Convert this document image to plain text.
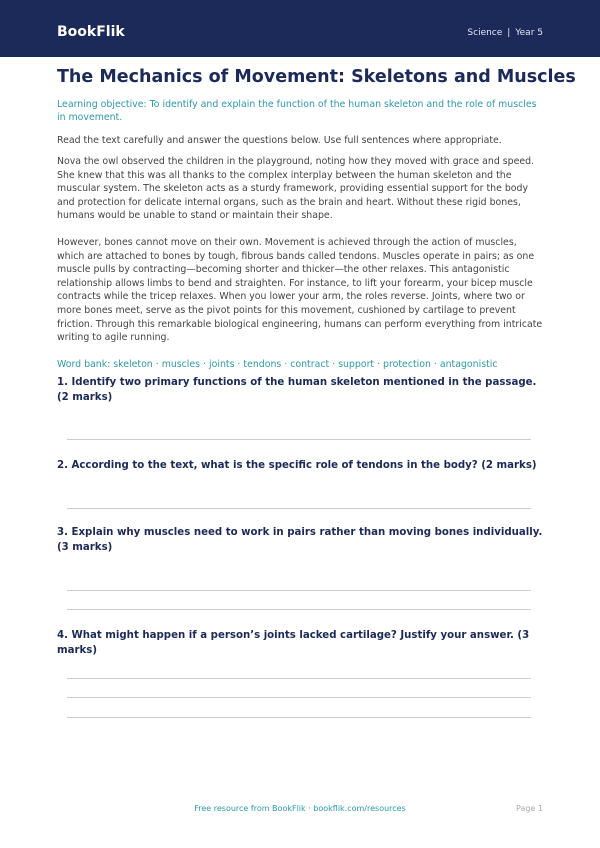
BookFlik	Science | Year 5
The Mechanics of Movement: Skeletons and Muscles

Learning objective: To identify and explain the function of the human skeleton and the role of muscles in movement.

Read the text carefully and answer the questions below. Use full sentences where appropriate.

Nova the owl observed the children in the playground, noting how they moved with grace and speed. She knew that this was all thanks to the complex interplay between the human skeleton and the muscular system. The skeleton acts as a sturdy framework, providing essential support for the body and protection for delicate internal organs, such as the brain and heart. Without these rigid bones, humans would be unable to stand or maintain their shape.

However, bones cannot move on their own. Movement is achieved through the action of muscles, which are attached to bones by tough, fibrous bands called tendons. Muscles operate in pairs; as one muscle pulls by contracting—becoming shorter and thicker—the other relaxes. This antagonistic relationship allows limbs to bend and straighten. For instance, to lift your forearm, your bicep muscle contracts while the tricep relaxes. When you lower your arm, the roles reverse. Joints, where two or more bones meet, serve as the pivot points for this movement, cushioned by cartilage to prevent friction. Through this remarkable biological engineering, humans can perform everything from intricate writing to agile running.

Word bank: skeleton · muscles · joints · tendons · contract · support · protection · antagonistic

1. Identify two primary functions of the human skeleton mentioned in the passage. (2 marks)
2. According to the text, what is the specific role of tendons in the body? (2 marks)
3. Explain why muscles need to work in pairs rather than moving bones individually. (3 marks)
4. What might happen if a person’s joints lacked cartilage? Justify your answer. (3 marks)
Free resource from BookFlik · bookflik.com/resources	Page 1
